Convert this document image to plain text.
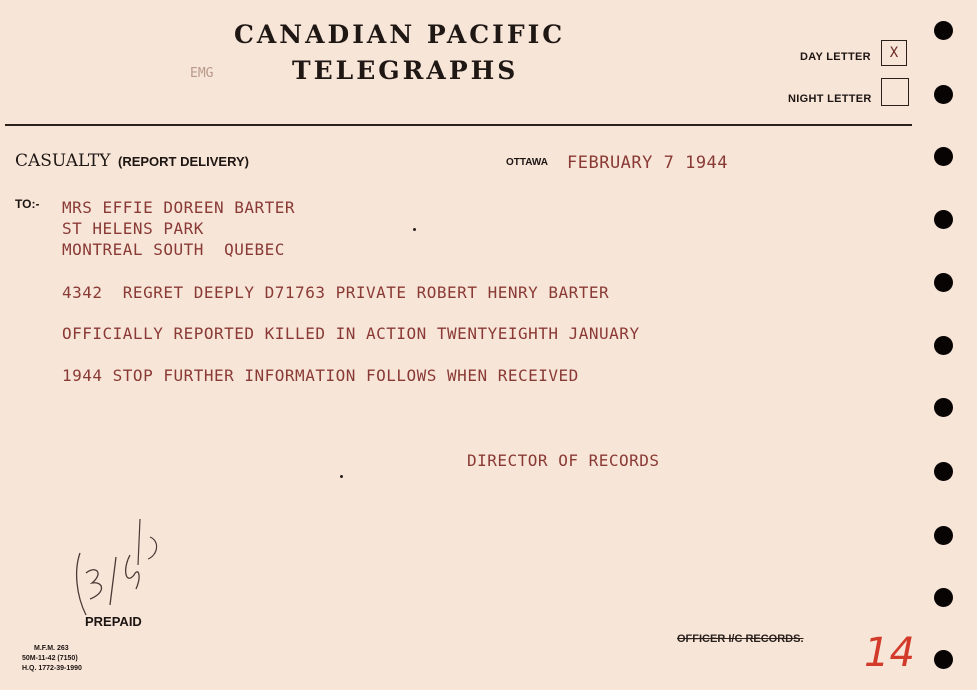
CANADIAN PACIFIC
TELEGRAPHS
EMG
DAY LETTER	X
NIGHT LETTER
CASUALTY (REPORT DELIVERY)	OTTAWA FEBRUARY 7 1944
TO:- MRS EFFIE DOREEN BARTER
ST HELENS PARK
MONTREAL SOUTH  QUEBEC
4342  REGRET DEEPLY D71763 PRIVATE ROBERT HENRY BARTER
OFFICIALLY REPORTED KILLED IN ACTION TWENTYEIGHTH JANUARY
1944 STOP FURTHER INFORMATION FOLLOWS WHEN RECEIVED
DIRECTOR OF RECORDS
PREPAID
M.F.M. 263
50M-11-42 (7150)
H.Q. 1772-39-1990
OFFICER I/C RECORDS. 14
